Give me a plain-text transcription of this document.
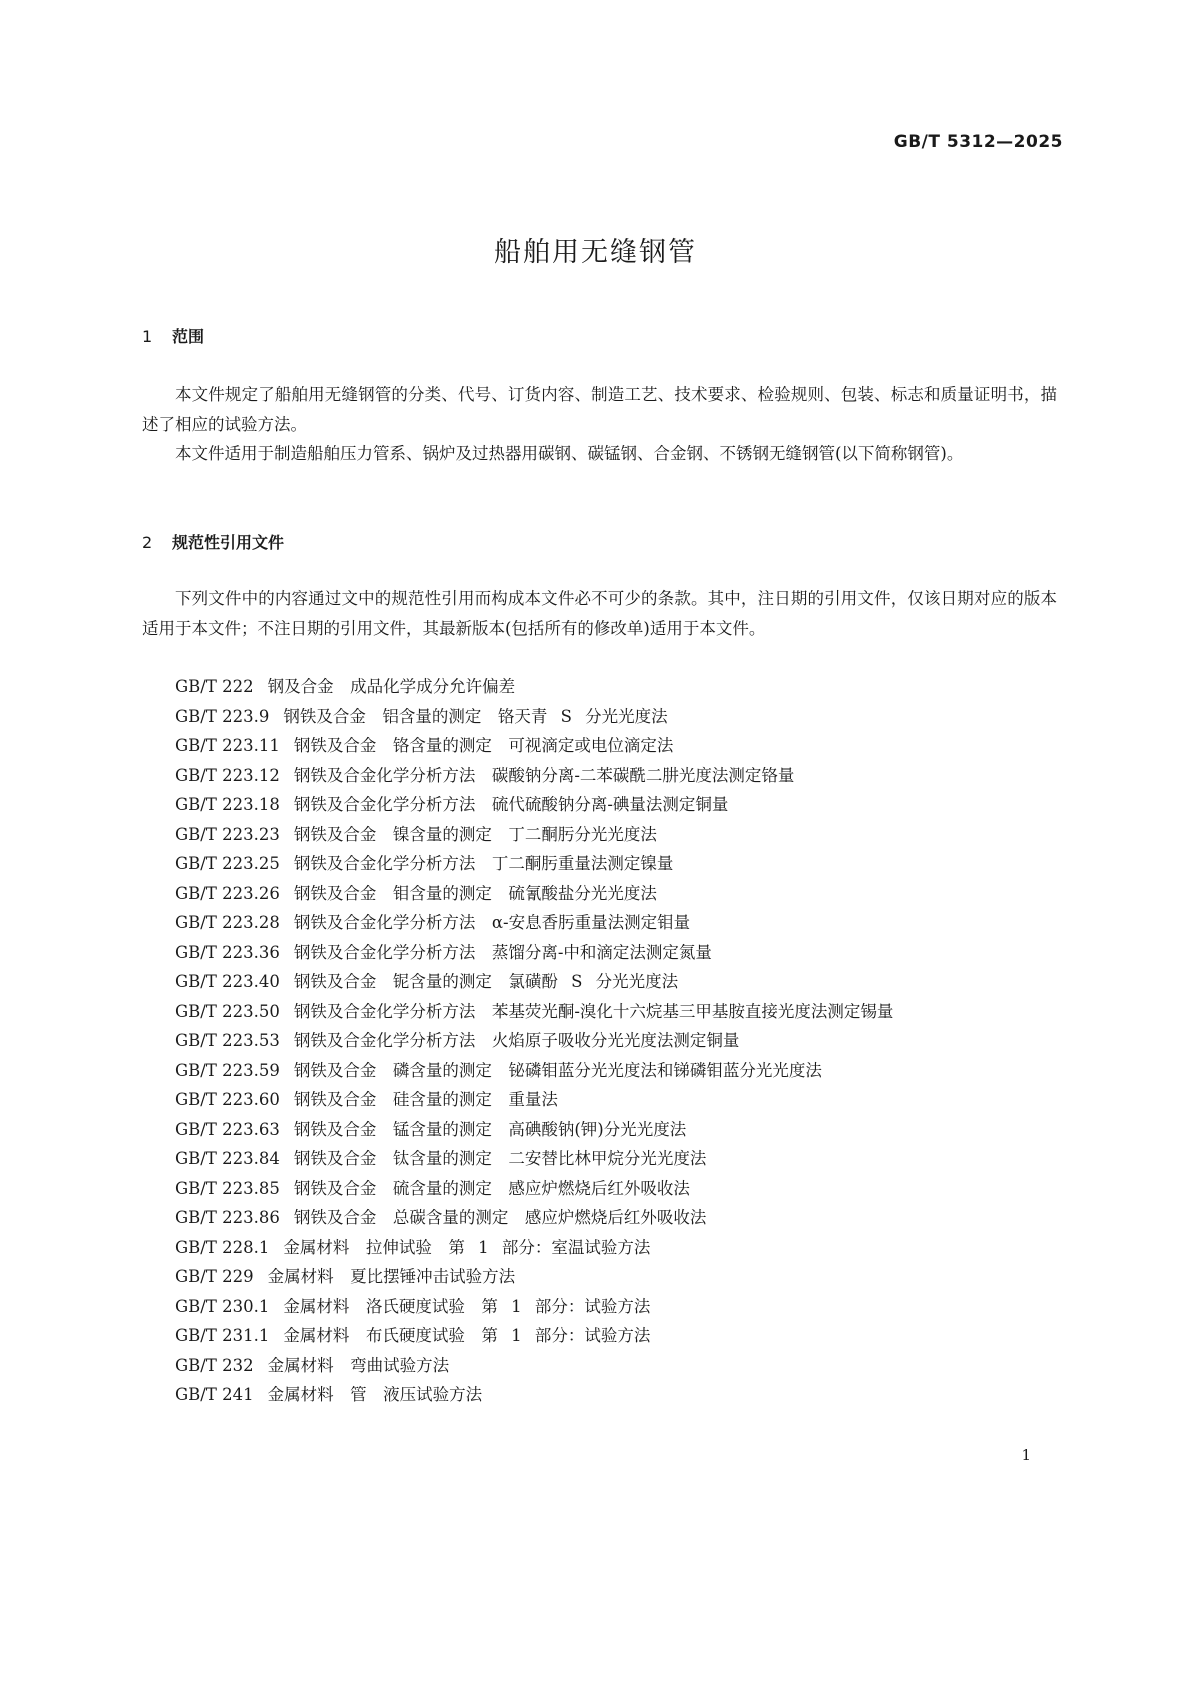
GB/T 5312—2025
船舶用无缝钢管
1 范围

本文件规定了船舶用无缝钢管的分类、代号、订货内容、制造工艺、技术要求、检验规则、包装、标志和质量证明书，描述了相应的试验方法。

本文件适用于制造船舶压力管系、锅炉及过热器用碳钢、碳锰钢、合金钢、不锈钢无缝钢管(以下简称钢管)。

2 规范性引用文件

下列文件中的内容通过文中的规范性引用而构成本文件必不可少的条款。其中，注日期的引用文件，仅该日期对应的版本适用于本文件；不注日期的引用文件，其最新版本(包括所有的修改单)适用于本文件。

GB/T 222 钢及合金　成品化学成分允许偏差
GB/T 223.9 钢铁及合金　铝含量的测定　铬天青 S 分光光度法
GB/T 223.11 钢铁及合金　铬含量的测定　可视滴定或电位滴定法
GB/T 223.12 钢铁及合金化学分析方法　碳酸钠分离-二苯碳酰二肼光度法测定铬量
GB/T 223.18 钢铁及合金化学分析方法　硫代硫酸钠分离-碘量法测定铜量
GB/T 223.23 钢铁及合金　镍含量的测定　丁二酮肟分光光度法
GB/T 223.25 钢铁及合金化学分析方法　丁二酮肟重量法测定镍量
GB/T 223.26 钢铁及合金　钼含量的测定　硫氰酸盐分光光度法
GB/T 223.28 钢铁及合金化学分析方法　α-安息香肟重量法测定钼量
GB/T 223.36 钢铁及合金化学分析方法　蒸馏分离-中和滴定法测定氮量
GB/T 223.40 钢铁及合金　铌含量的测定　氯磺酚 S 分光光度法
GB/T 223.50 钢铁及合金化学分析方法　苯基荧光酮-溴化十六烷基三甲基胺直接光度法测定锡量
GB/T 223.53 钢铁及合金化学分析方法　火焰原子吸收分光光度法测定铜量
GB/T 223.59 钢铁及合金　磷含量的测定　铋磷钼蓝分光光度法和锑磷钼蓝分光光度法
GB/T 223.60 钢铁及合金　硅含量的测定　重量法
GB/T 223.63 钢铁及合金　锰含量的测定　高碘酸钠(钾)分光光度法
GB/T 223.84 钢铁及合金　钛含量的测定　二安替比林甲烷分光光度法
GB/T 223.85 钢铁及合金　硫含量的测定　感应炉燃烧后红外吸收法
GB/T 223.86 钢铁及合金　总碳含量的测定　感应炉燃烧后红外吸收法
GB/T 228.1 金属材料　拉伸试验　第 1 部分：室温试验方法
GB/T 229 金属材料　夏比摆锤冲击试验方法
GB/T 230.1 金属材料　洛氏硬度试验　第 1 部分：试验方法
GB/T 231.1 金属材料　布氏硬度试验　第 1 部分：试验方法
GB/T 232 金属材料　弯曲试验方法
GB/T 241 金属材料　管　液压试验方法
1
